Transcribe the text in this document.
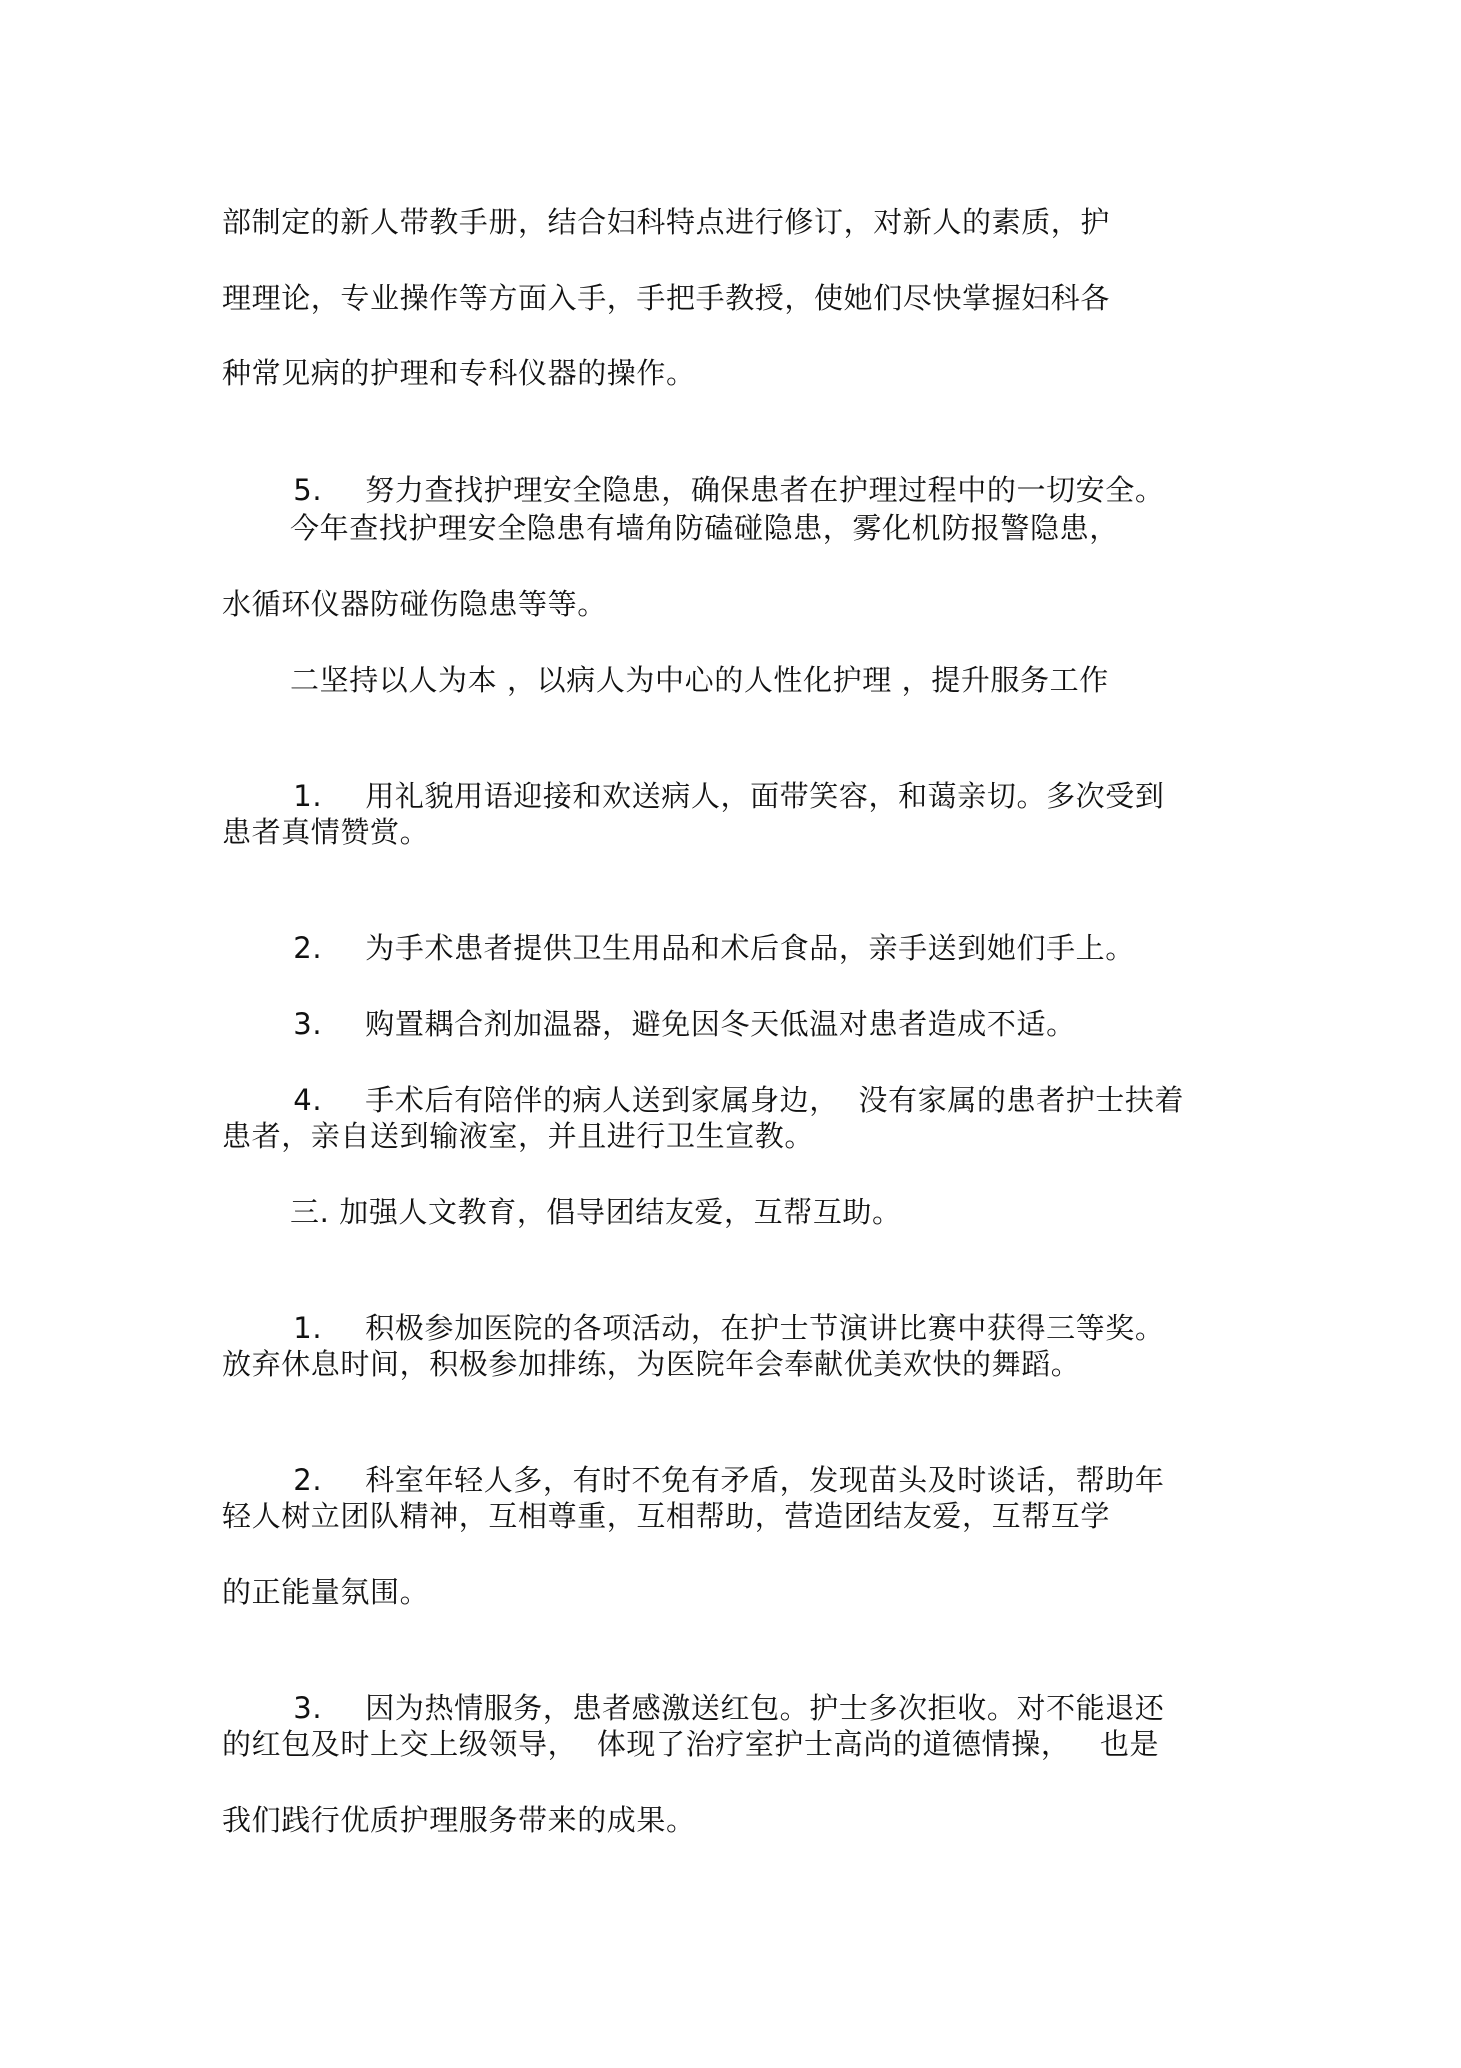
部制定的新人带教手册，结合妇科特点进行修订，对新人的素质，护
理理论，专业操作等方面入手，手把手教授，使她们尽快掌握妇科各
种常见病的护理和专科仪器的操作。

5. 努力查找护理安全隐患，确保患者在护理过程中的一切安全。

今年查找护理安全隐患有墙角防磕碰隐患，雾化机防报警隐患，
水循环仪器防碰伤隐患等等。
二坚持以人为本 ，以病人为中心的人性化护理 ，提升服务工作

1. 用礼貌用语迎接和欢送病人，面带笑容，和蔼亲切。多次受到

患者真情赞赏。

2. 为手术患者提供卫生用品和术后食品，亲手送到她们手上。

3. 购置耦合剂加温器，避免因冬天低温对患者造成不适。

4. 手术后有陪伴的病人送到家属身边，  没有家属的患者护士扶着

患者，亲自送到输液室，并且进行卫生宣教。
三. 加强人文教育，倡导团结友爱，互帮互助。

1. 积极参加医院的各项活动，在护士节演讲比赛中获得三等奖。

放弃休息时间，积极参加排练，为医院年会奉献优美欢快的舞蹈。

2. 科室年轻人多，有时不免有矛盾，发现苗头及时谈话，帮助年

轻人树立团队精神，互相尊重，互相帮助，营造团结友爱，互帮互学
的正能量氛围。

3. 因为热情服务，患者感激送红包。护士多次拒收。对不能退还

的红包及时上交上级领导，  体现了治疗室护士高尚的道德情操，   也是
我们践行优质护理服务带来的成果。
